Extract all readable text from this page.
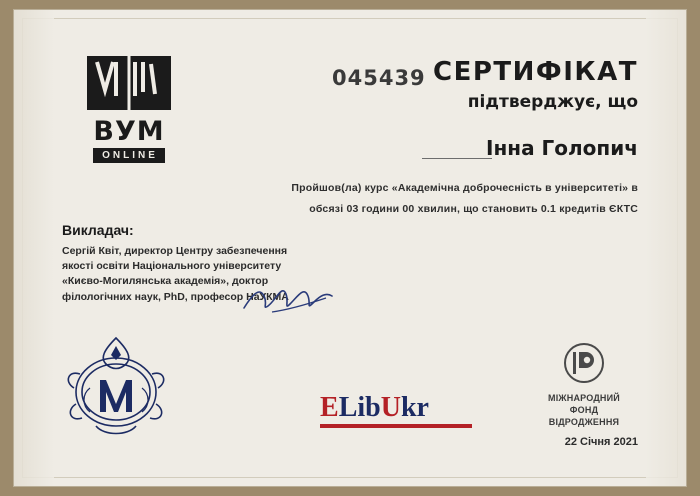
ВУМ
ONLINE
045439 СЕРТИФІКАТ
підтверджує, що
Інна Голопич
Пройшов(ла) курс «Академічна доброчесність в університеті» в
обсязі 03 години 00 хвилин, що становить 0.1 кредитів ЄКТС
Викладач:
Сергій Квіт, директор Центру забезпечення якості освіти Національного університету «Києво-Могилянська академія», доктор філологічних наук, PhD, професор НаУКМА
ELibUkr	МІЖНАРОДНИЙ
ФОНД
ВІДРОДЖЕННЯ
22 Січня 2021
